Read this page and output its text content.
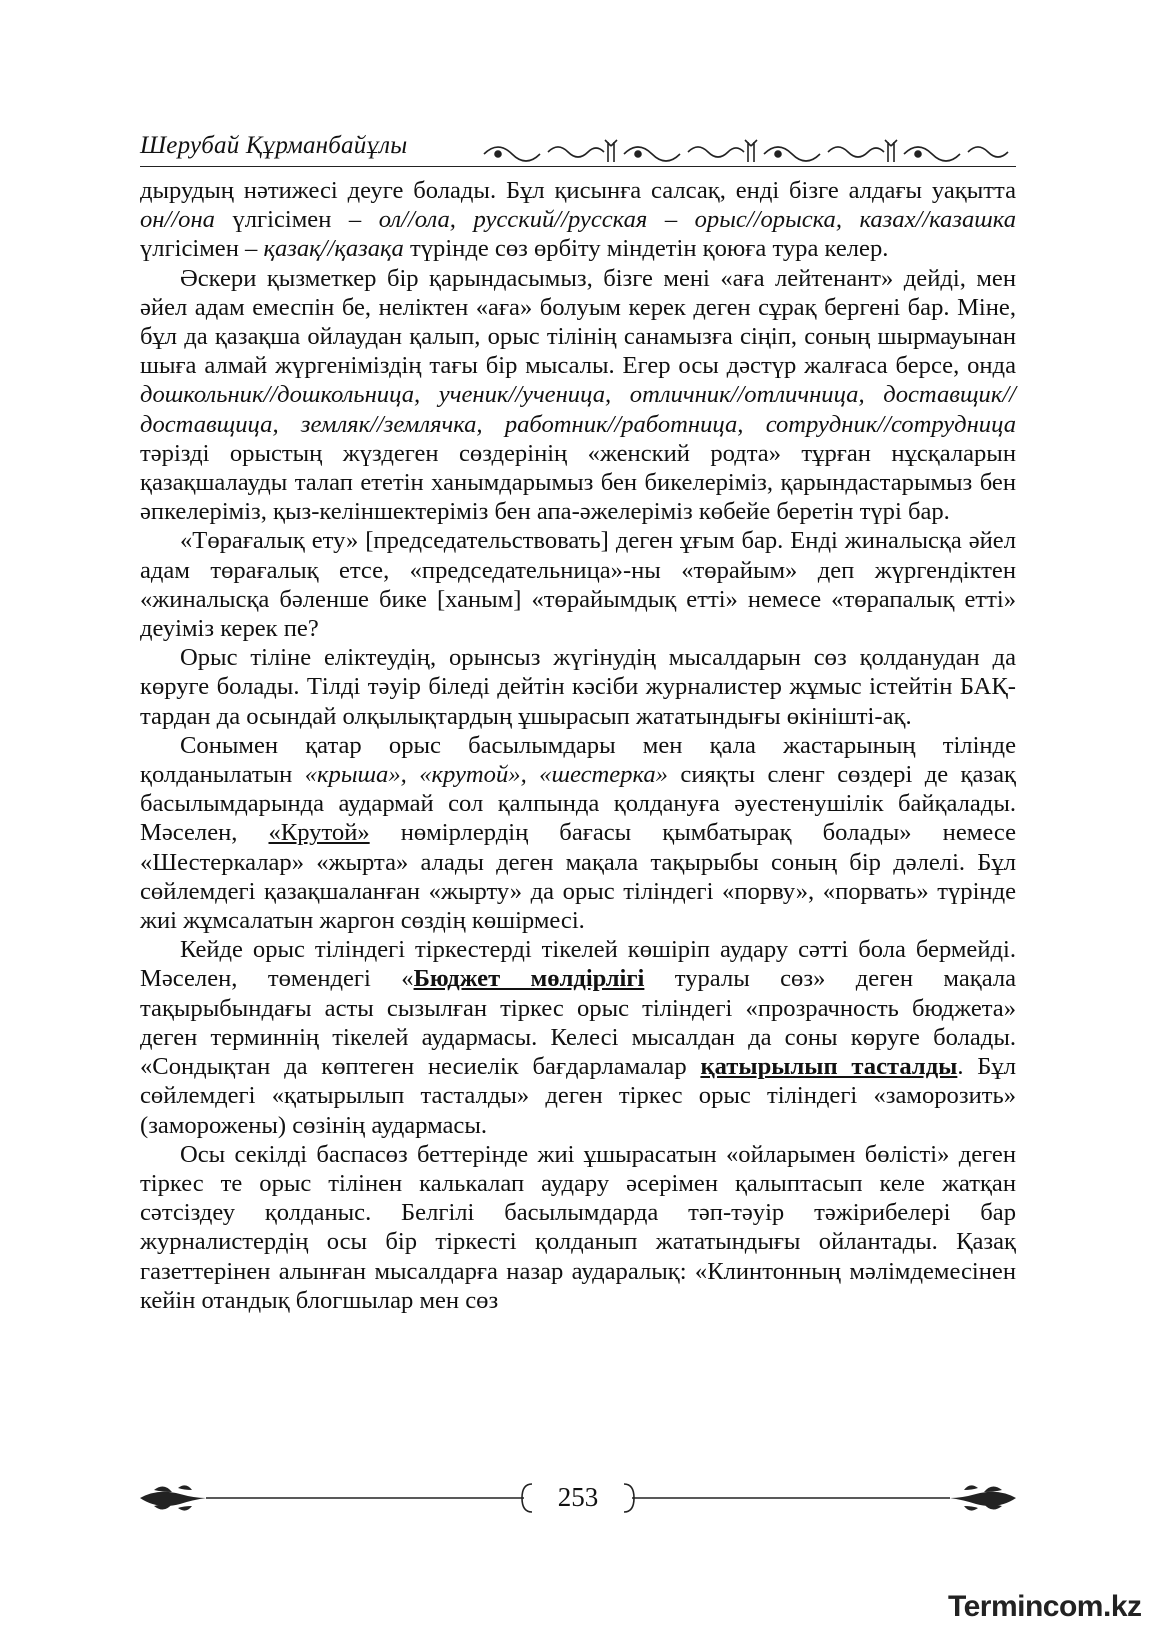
Шерубай Құрманбайұлы

дырудың нәтижесі деуге болады. Бұл қисынға салсақ, енді бізге алдағы уақытта он//она үлгісімен – ол//ола, русский//русская – орыс//орыска, казах//казашка үлгісімен – қазақ//қазақа түрінде сөз өрбіту міндетін қоюға тура келер.

Әскери қызметкер бір қарындасымыз, бізге мені «аға лейтенант» дейді, мен әйел адам емеспін бе, неліктен «аға» болуым керек деген сұрақ бергені бар. Міне, бұл да қазақша ойлаудан қалып, орыс тілінің санамызға сіңіп, соның шырмауынан шыға алмай жүргеніміздің тағы бір мысалы. Егер осы дәстүр жалғаса берсе, онда дошкольник//дошкольница, ученик//ученица, отличник//отличница, доставщик//доставщица, земляк//землячка, работник//работница, сотрудник//сотрудница тәрізді орыстың жүздеген сөздерінің «женский родта» тұрған нұсқаларын қазақшалауды талап ететін ханымдарымыз бен бикелеріміз, қарындастарымыз бен әпкелеріміз, қыз-келіншектеріміз бен апа-әжелеріміз көбейе беретін түрі бар.

«Төрағалық ету» [председательствовать] деген ұғым бар. Енді жиналысқа әйел адам төрағалық етсе, «председательница»-ны «төрайым» деп жүргендіктен «жиналысқа бәленше бике [ханым] «төрайымдық етті» немесе «төрапалық етті» деуіміз керек пе?

Орыс тіліне еліктеудің, орынсыз жүгінудің мысалдарын сөз қолданудан да көруге болады. Тілді тәуір біледі дейтін кәсіби журналистер жұмыс істейтін БАҚ-тардан да осындай олқылықтардың ұшырасып жататындығы өкінішті-ақ.

Сонымен қатар орыс басылымдары мен қала жастарының тілінде қолданылатын «крыша», «крутой», «шестерка» сияқты сленг сөздері де қазақ басылымдарында аудармай сол қалпында қолдануға әуестенушілік байқалады. Мәселен, «Крутой» нөмірлердің бағасы қымбатырақ болады» немесе «Шестеркалар» «жырта» алады деген мақала тақырыбы соның бір дәлелі. Бұл сөйлемдегі қазақшаланған «жырту» да орыс тіліндегі «порву», «порвать» түрінде жиі жұмсалатын жаргон сөздің көшірмесі.

Кейде орыс тіліндегі тіркестерді тікелей көшіріп аудару сәтті бола бермейді. Мәселен, төмендегі «Бюджет мөлдірлігі туралы сөз» деген мақала тақырыбындағы асты сызылған тіркес орыс тіліндегі «прозрачность бюджета» деген терминнің тікелей аудармасы. Келесі мысалдан да соны көруге болады. «Сондықтан да көптеген несиелік бағдарламалар қатырылып тасталды. Бұл сөйлемдегі «қатырылып тасталды» деген тіркес орыс тіліндегі «заморозить» (заморожены) сөзінің аудармасы.

Осы секілді баспасөз беттерінде жиі ұшырасатын «ойларымен бөлісті» деген тіркес те орыс тілінен калькалап аудару әсерімен қалыптасып келе жатқан сәтсіздеу қолданыс. Белгілі басылымдарда тәп-тәуір тәжірибелері бар журналистердің осы бір тіркесті қолданып жататындығы ойлантады. Қазақ газеттерінен алынған мысалдарға назар аударалық: «Клинтонның мәлімдемесінен кейін отандық блогшылар мен сөз

253
Termincom.kz
